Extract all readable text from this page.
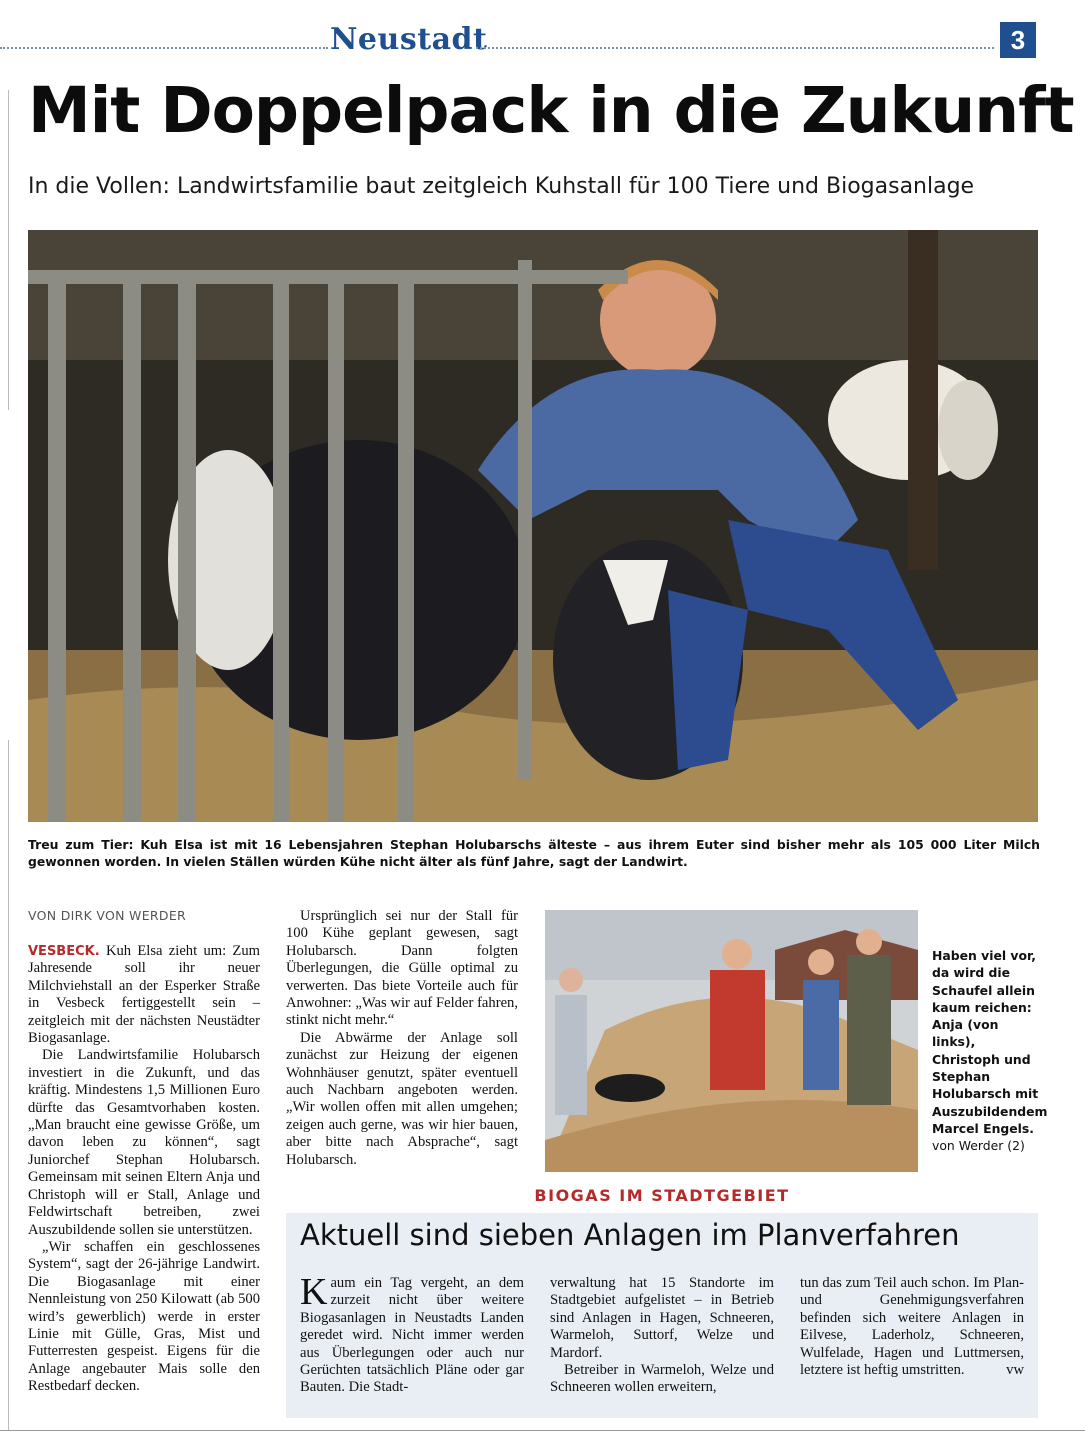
Neustadt	3
Mit Doppelpack in die Zukunft
In die Vollen: Landwirtsfamilie baut zeitgleich Kuhstall für 100 Tiere und Biogasanlage
Treu zum Tier: Kuh Elsa ist mit 16 Lebensjahren Stephan Holubarschs älteste – aus ihrem Euter sind bisher mehr als 105 000 Liter Milch gewonnen worden. In vielen Ställen würden Kühe nicht älter als fünf Jahre, sagt der Landwirt.
VON DIRK VON WERDER

VESBECK. Kuh Elsa zieht um: Zum Jahresende soll ihr neuer Milchviehstall an der Esperker Straße in Vesbeck fertiggestellt sein – zeitgleich mit der nächsten Neustädter Biogasanlage.

Die Landwirtsfamilie Holubarsch investiert in die Zukunft, und das kräftig. Mindestens 1,5 Millionen Euro dürfte das Gesamtvorhaben kosten. „Man braucht eine gewisse Größe, um davon leben zu können“, sagt Juniorchef Stephan Holubarsch. Gemeinsam mit seinen Eltern Anja und Christoph will er Stall, Anlage und Feldwirtschaft betreiben, zwei Auszubildende sollen sie unterstützen.

„Wir schaffen ein geschlossenes System“, sagt der 26-jährige Landwirt. Die Biogasanlage mit einer Nennleistung von 250 Kilowatt (ab 500 wird’s gewerblich) werde in erster Linie mit Gülle, Gras, Mist und Futterresten gespeist. Eigens für die Anlage angebauter Mais solle den Restbedarf decken.

Ursprünglich sei nur der Stall für 100 Kühe geplant gewesen, sagt Holubarsch. Dann folgten Überlegungen, die Gülle optimal zu verwerten. Das biete Vorteile auch für Anwohner: „Was wir auf Felder fahren, stinkt nicht mehr.“

Die Abwärme der Anlage soll zunächst zur Heizung der eigenen Wohnhäuser genutzt, später eventuell auch Nachbarn angeboten werden. „Wir wollen offen mit allen umgehen; zeigen auch gerne, was wir hier bauen, aber bitte nach Absprache“, sagt Holubarsch.

Haben viel vor, da wird die Schaufel allein kaum reichen: Anja (von links), Christoph und Stephan Holubarsch mit Auszubildendem Marcel Engels.
von Werder (2)
BIOGAS IM STADTGEBIET
Aktuell sind sieben Anlagen im Planverfahren

Kaum ein Tag vergeht, an dem zurzeit nicht über weitere Biogasanlagen in Neustadts Landen geredet wird. Nicht immer werden aus Überlegungen oder auch nur Gerüchten tatsächlich Pläne oder gar Bauten. Die Stadt-

verwaltung hat 15 Standorte im Stadtgebiet aufgelistet – in Betrieb sind Anlagen in Hagen, Schneeren, Warmeloh, Suttorf, Welze und Mardorf.

Betreiber in Warmeloh, Welze und Schneeren wollen erweitern,

tun das zum Teil auch schon. Im Plan- und Genehmigungsverfahren befinden sich weitere Anlagen in Eilvese, Laderholz, Schneeren, Wulfelade, Hagen und Luttmersen, letztere ist heftig umstritten.	vw
